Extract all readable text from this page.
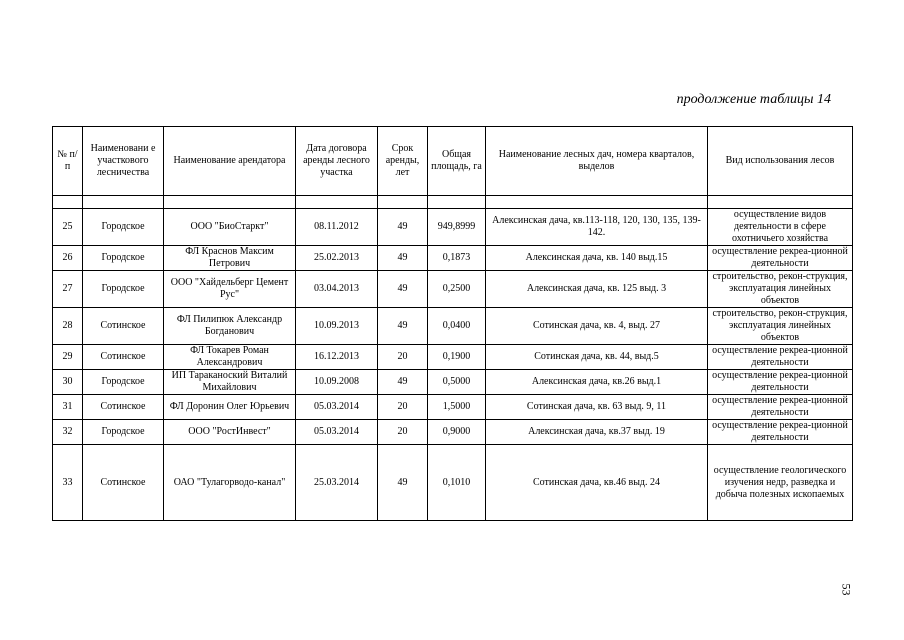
продолжение таблицы 14
№ п/п	Наименовани е участкового лесничества	Наименование арендатора	Дата договора аренды лесного участка	Срок аренды, лет	Общая площадь, га	Наименование лесных дач, номера кварталов, выделов	Вид использования лесов

25	Городское	ООО "БиоСтаркт"	08.11.2012	49	949,8999	Алексинская дача, кв.113-118, 120, 130, 135, 139-142.	осуществление видов деятельности в сфере охотничьего хозяйства
26	Городское	ФЛ Краснов Максим Петрович	25.02.2013	49	0,1873	Алексинская дача, кв. 140 выд.15	осуществление рекреа-ционной деятельности
27	Городское	ООО "Хайдельберг Цемент Рус"	03.04.2013	49	0,2500	Алексинская дача, кв. 125 выд. 3	строительство, рекон-струкция, эксплуатация линейных объектов
28	Сотинское	ФЛ Пилипюк Александр Богданович	10.09.2013	49	0,0400	Сотинская дача, кв. 4, выд. 27	строительство, рекон-струкция, эксплуатация линейных объектов
29	Сотинское	ФЛ Токарев Роман Александрович	16.12.2013	20	0,1900	Сотинская дача, кв. 44, выд.5	осуществление рекреа-ционной деятельности
30	Городское	ИП Тараканоский Виталий Михайлович	10.09.2008	49	0,5000	Алексинская дача, кв.26 выд.1	осуществление рекреа-ционной деятельности
31	Сотинское	ФЛ Доронин Олег Юрьевич	05.03.2014	20	1,5000	Сотинская дача, кв. 63 выд. 9, 11	осуществление рекреа-ционной деятельности
32	Городское	ООО "РостИнвест"	05.03.2014	20	0,9000	Алексинская дача, кв.37 выд. 19	осуществление рекреа-ционной деятельности
33	Сотинское	ОАО "Тулагорводо-канал"	25.03.2014	49	0,1010	Сотинская дача, кв.46 выд. 24	осуществление геологического изучения недр, разведка и добыча полезных ископаемых
53
